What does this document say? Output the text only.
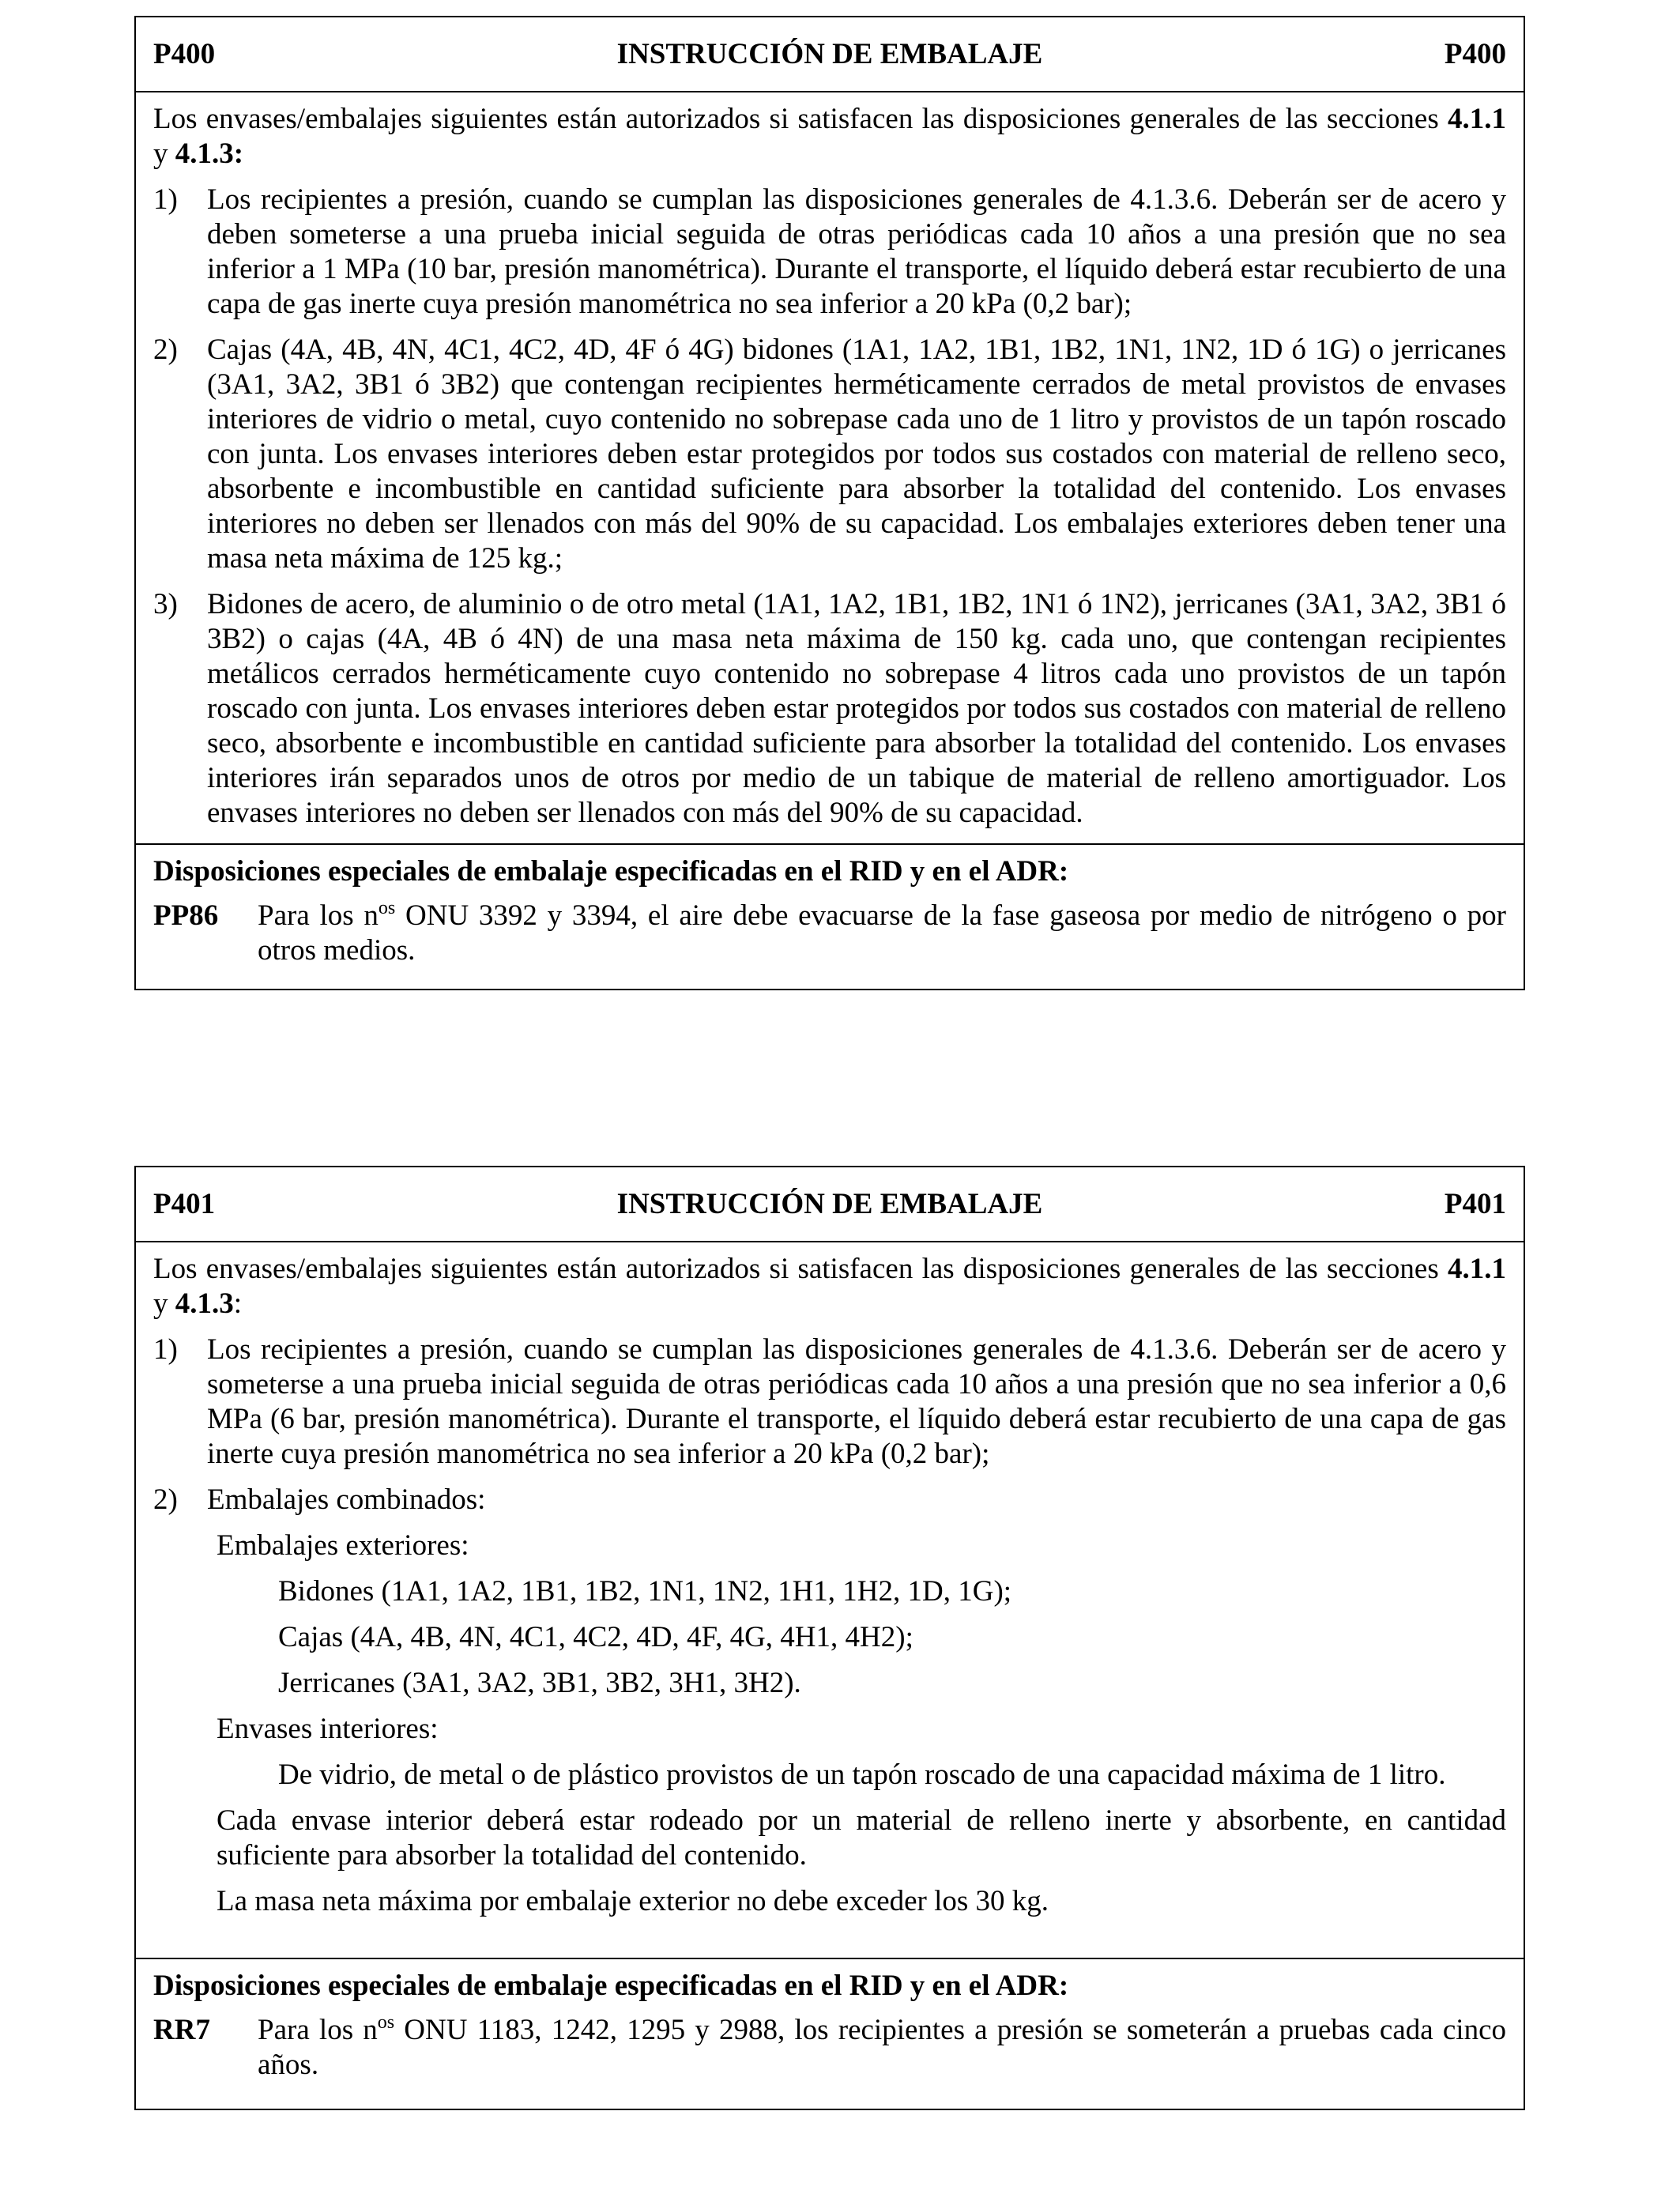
P400	INSTRUCCIÓN DE EMBALAJE	P400

Los envases/embalajes siguientes están autorizados si satisfacen las disposiciones generales de las secciones 4.1.1 y 4.1.3:

1)	Los recipientes a presión, cuando se cumplan las disposiciones generales de 4.1.3.6. Deberán ser de acero y deben someterse a una prueba inicial seguida de otras periódicas cada 10 años a una presión que no sea inferior a 1 MPa (10 bar, presión manométrica). Durante el transporte, el líquido deberá estar recubierto de una capa de gas inerte cuya presión manométrica no sea inferior a 20 kPa (0,2 bar);
2)	Cajas (4A, 4B, 4N, 4C1, 4C2, 4D, 4F ó 4G) bidones (1A1, 1A2, 1B1, 1B2, 1N1, 1N2, 1D ó 1G) o jerricanes (3A1, 3A2, 3B1 ó 3B2) que contengan recipientes herméticamente cerrados de metal provistos de envases interiores de vidrio o metal, cuyo contenido no sobrepase cada uno de 1 litro y provistos de un tapón roscado con junta. Los envases interiores deben estar protegidos por todos sus costados con material de relleno seco, absorbente e incombustible en cantidad suficiente para absorber la totalidad del contenido. Los envases interiores no deben ser llenados con más del 90% de su capacidad. Los embalajes exteriores deben tener una masa neta máxima de 125 kg.;
3)	Bidones de acero, de aluminio o de otro metal (1A1, 1A2, 1B1, 1B2, 1N1 ó 1N2), jerricanes (3A1, 3A2, 3B1 ó 3B2) o cajas (4A, 4B ó 4N) de una masa neta máxima de 150 kg. cada uno, que contengan recipientes metálicos cerrados herméticamente cuyo contenido no sobrepase 4 litros cada uno provistos de un tapón roscado con junta. Los envases interiores deben estar protegidos por todos sus costados con material de relleno seco, absorbente e incombustible en cantidad suficiente para absorber la totalidad del contenido. Los envases interiores irán separados unos de otros por medio de un tabique de material de relleno amortiguador. Los envases interiores no deben ser llenados con más del 90% de su capacidad.
Disposiciones especiales de embalaje especificadas en el RID y en el ADR:
PP86	Para los $n^{os}$ ONU 3392 y 3394, el aire debe evacuarse de la fase gaseosa por medio de nitrógeno o por otros medios.
P401	INSTRUCCIÓN DE EMBALAJE	P401

Los envases/embalajes siguientes están autorizados si satisfacen las disposiciones generales de las secciones 4.1.1 y 4.1.3:

1)	Los recipientes a presión, cuando se cumplan las disposiciones generales de 4.1.3.6. Deberán ser de acero y someterse a una prueba inicial seguida de otras periódicas cada 10 años a una presión que no sea inferior a 0,6 MPa (6 bar, presión manométrica). Durante el transporte, el líquido deberá estar recubierto de una capa de gas inerte cuya presión manométrica no sea inferior a 20 kPa (0,2 bar);
2)	Embalajes combinados:
Embalajes exteriores:
Bidones (1A1, 1A2, 1B1, 1B2, 1N1, 1N2, 1H1, 1H2, 1D, 1G);
Cajas (4A, 4B, 4N, 4C1, 4C2, 4D, 4F, 4G, 4H1, 4H2);
Jerricanes (3A1, 3A2, 3B1, 3B2, 3H1, 3H2).
Envases interiores:
De vidrio, de metal o de plástico provistos de un tapón roscado de una capacidad máxima de 1 litro.
Cada envase interior deberá estar rodeado por un material de relleno inerte y absorbente, en cantidad suficiente para absorber la totalidad del contenido.
La masa neta máxima por embalaje exterior no debe exceder los 30 kg.
Disposiciones especiales de embalaje especificadas en el RID y en el ADR:
RR7	Para los $n^{os}$ ONU 1183, 1242, 1295 y 2988, los recipientes a presión se someterán a pruebas cada cinco años.
